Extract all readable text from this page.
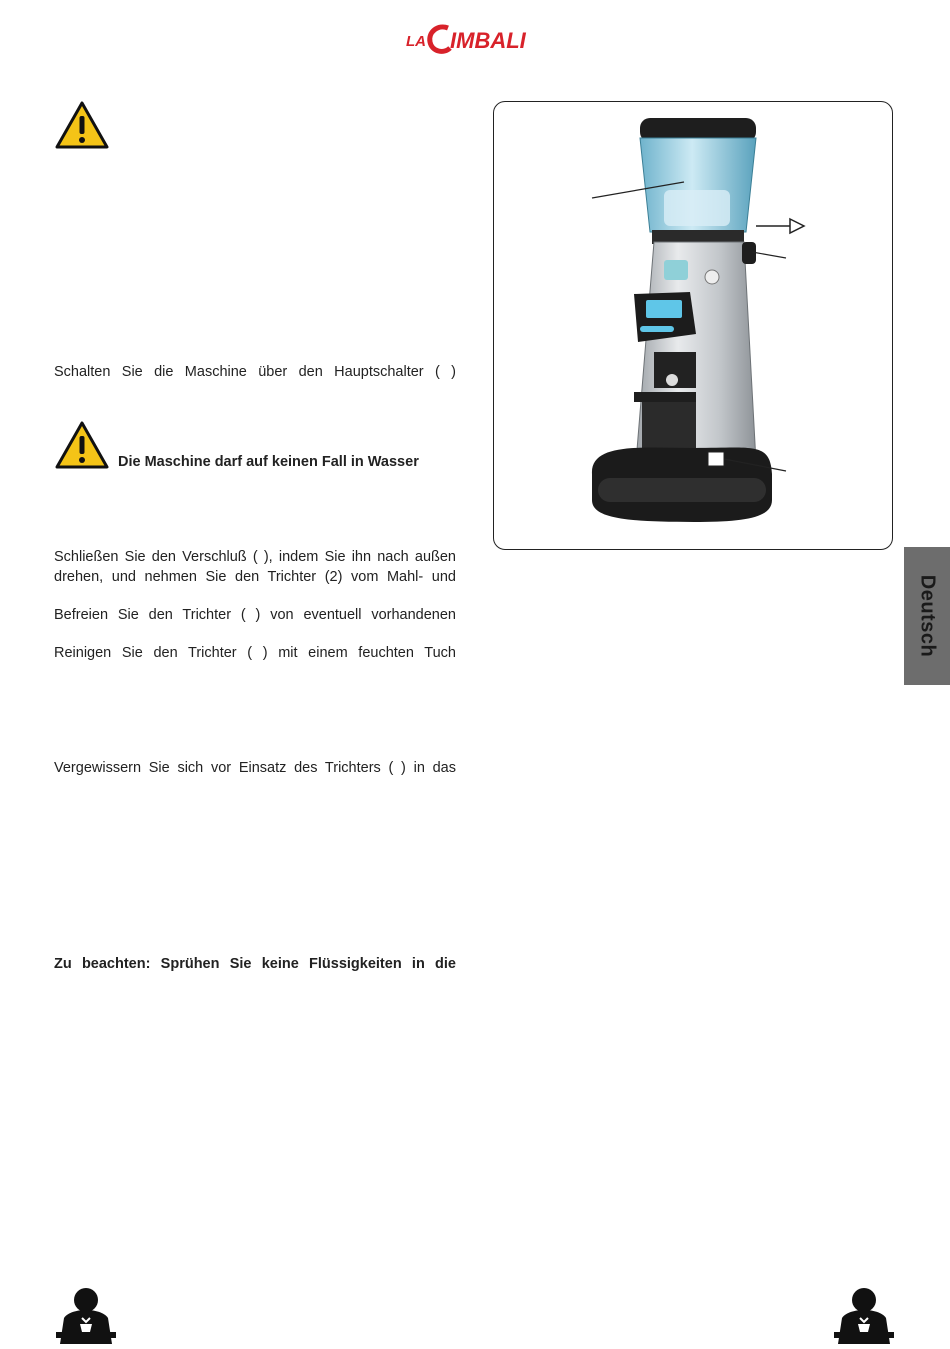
LA IMBALI
Schalten Sie die Maschine über den Hauptschalter ( )
Die Maschine darf auf keinen Fall in Wasser
Schließen Sie den Verschluß ( ), indem Sie ihn nach außen
drehen, und nehmen Sie den Trichter (2) vom Mahl- und
Befreien Sie den Trichter ( ) von eventuell vorhandenen
Reinigen Sie den Trichter ( ) mit einem feuchten Tuch
Vergewissern Sie sich vor Einsatz des Trichters ( ) in das
Zu beachten: Sprühen Sie keine Flüssigkeiten in die
Deutsch
